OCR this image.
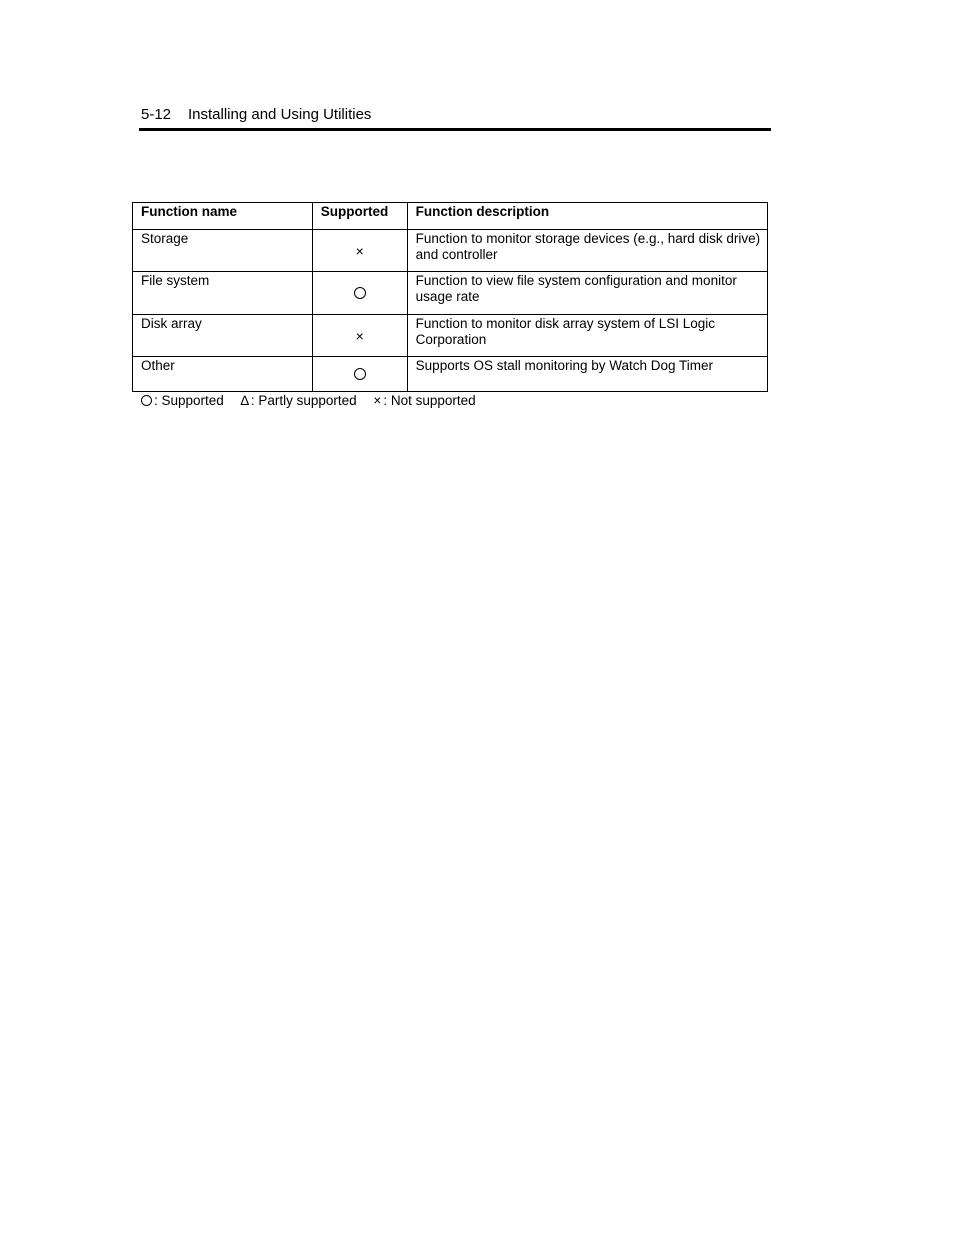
5-12 Installing and Using Utilities
Function name	Supported	Function description
Storage	×	Function to monitor storage devices (e.g., hard disk drive) and controller
File system		Function to view file system configuration and monitor usage rate
Disk array	×	Function to monitor disk array system of LSI Logic Corporation
Other		Supports OS stall monitoring by Watch Dog Timer
: Supported ∆ : Partly supported × : Not supported
